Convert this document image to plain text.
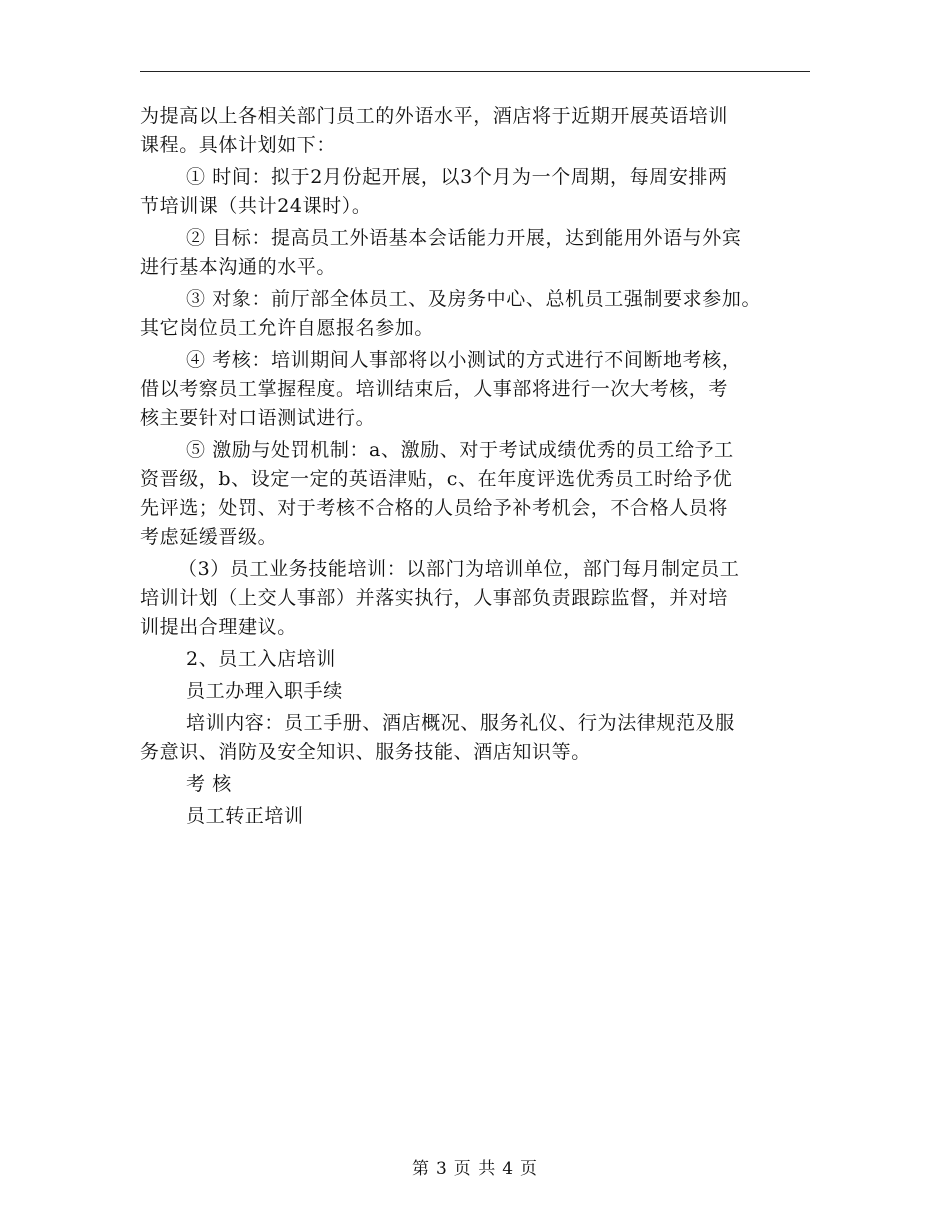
为提高以上各相关部门员工的外语水平，酒店将于近期开展英语培训
课程。具体计划如下：
① 时间：拟于2月份起开展，以3个月为一个周期，每周安排两
节培训课（共计24课时）。
② 目标：提高员工外语基本会话能力开展，达到能用外语与外宾
进行基本沟通的水平。
③ 对象：前厅部全体员工、及房务中心、总机员工强制要求参加。
其它岗位员工允许自愿报名参加。
④ 考核：培训期间人事部将以小测试的方式进行不间断地考核，
借以考察员工掌握程度。培训结束后，人事部将进行一次大考核，考
核主要针对口语测试进行。
⑤ 激励与处罚机制：a、激励、对于考试成绩优秀的员工给予工
资晋级，b、设定一定的英语津贴，c、在年度评选优秀员工时给予优
先评选；处罚、对于考核不合格的人员给予补考机会，不合格人员将
考虑延缓晋级。
（3）员工业务技能培训：以部门为培训单位，部门每月制定员工
培训计划（上交人事部）并落实执行，人事部负责跟踪监督，并对培
训提出合理建议。
2、员工入店培训
员工办理入职手续
培训内容：员工手册、酒店概况、服务礼仪、行为法律规范及服
务意识、消防及安全知识、服务技能、酒店知识等。
考 核
员工转正培训
第 3 页 共 4 页
